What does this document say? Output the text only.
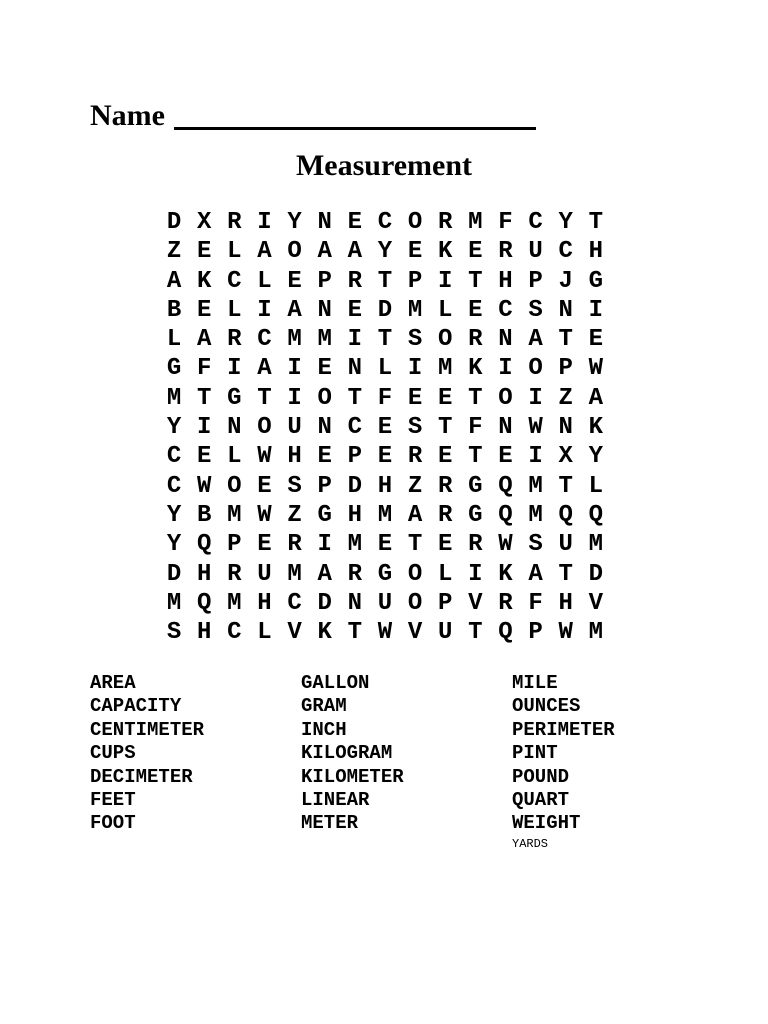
Name
Measurement
D X R I Y N E C O R M F C Y T
Z E L A O A A Y E K E R U C H
A K C L E P R T P I T H P J G
B E L I A N E D M L E C S N I
L A R C M M I T S O R N A T E
G F I A I E N L I M K I O P W
M T G T I O T F E E T O I Z A
Y I N O U N C E S T F N W N K
C E L W H E P E R E T E I X Y
C W O E S P D H Z R G Q M T L
Y B M W Z G H M A R G Q M Q Q
Y Q P E R I M E T E R W S U M
D H R U M A R G O L I K A T D
M Q M H C D N U O P V R F H V
S H C L V K T W V U T Q P W M
AREA
CAPACITY
CENTIMETER
CUPS
DECIMETER
FEET
FOOT
GALLON
GRAM
INCH
KILOGRAM
KILOMETER
LINEAR
METER
MILE
OUNCES
PERIMETER
PINT
POUND
QUART
WEIGHT
YARDS
